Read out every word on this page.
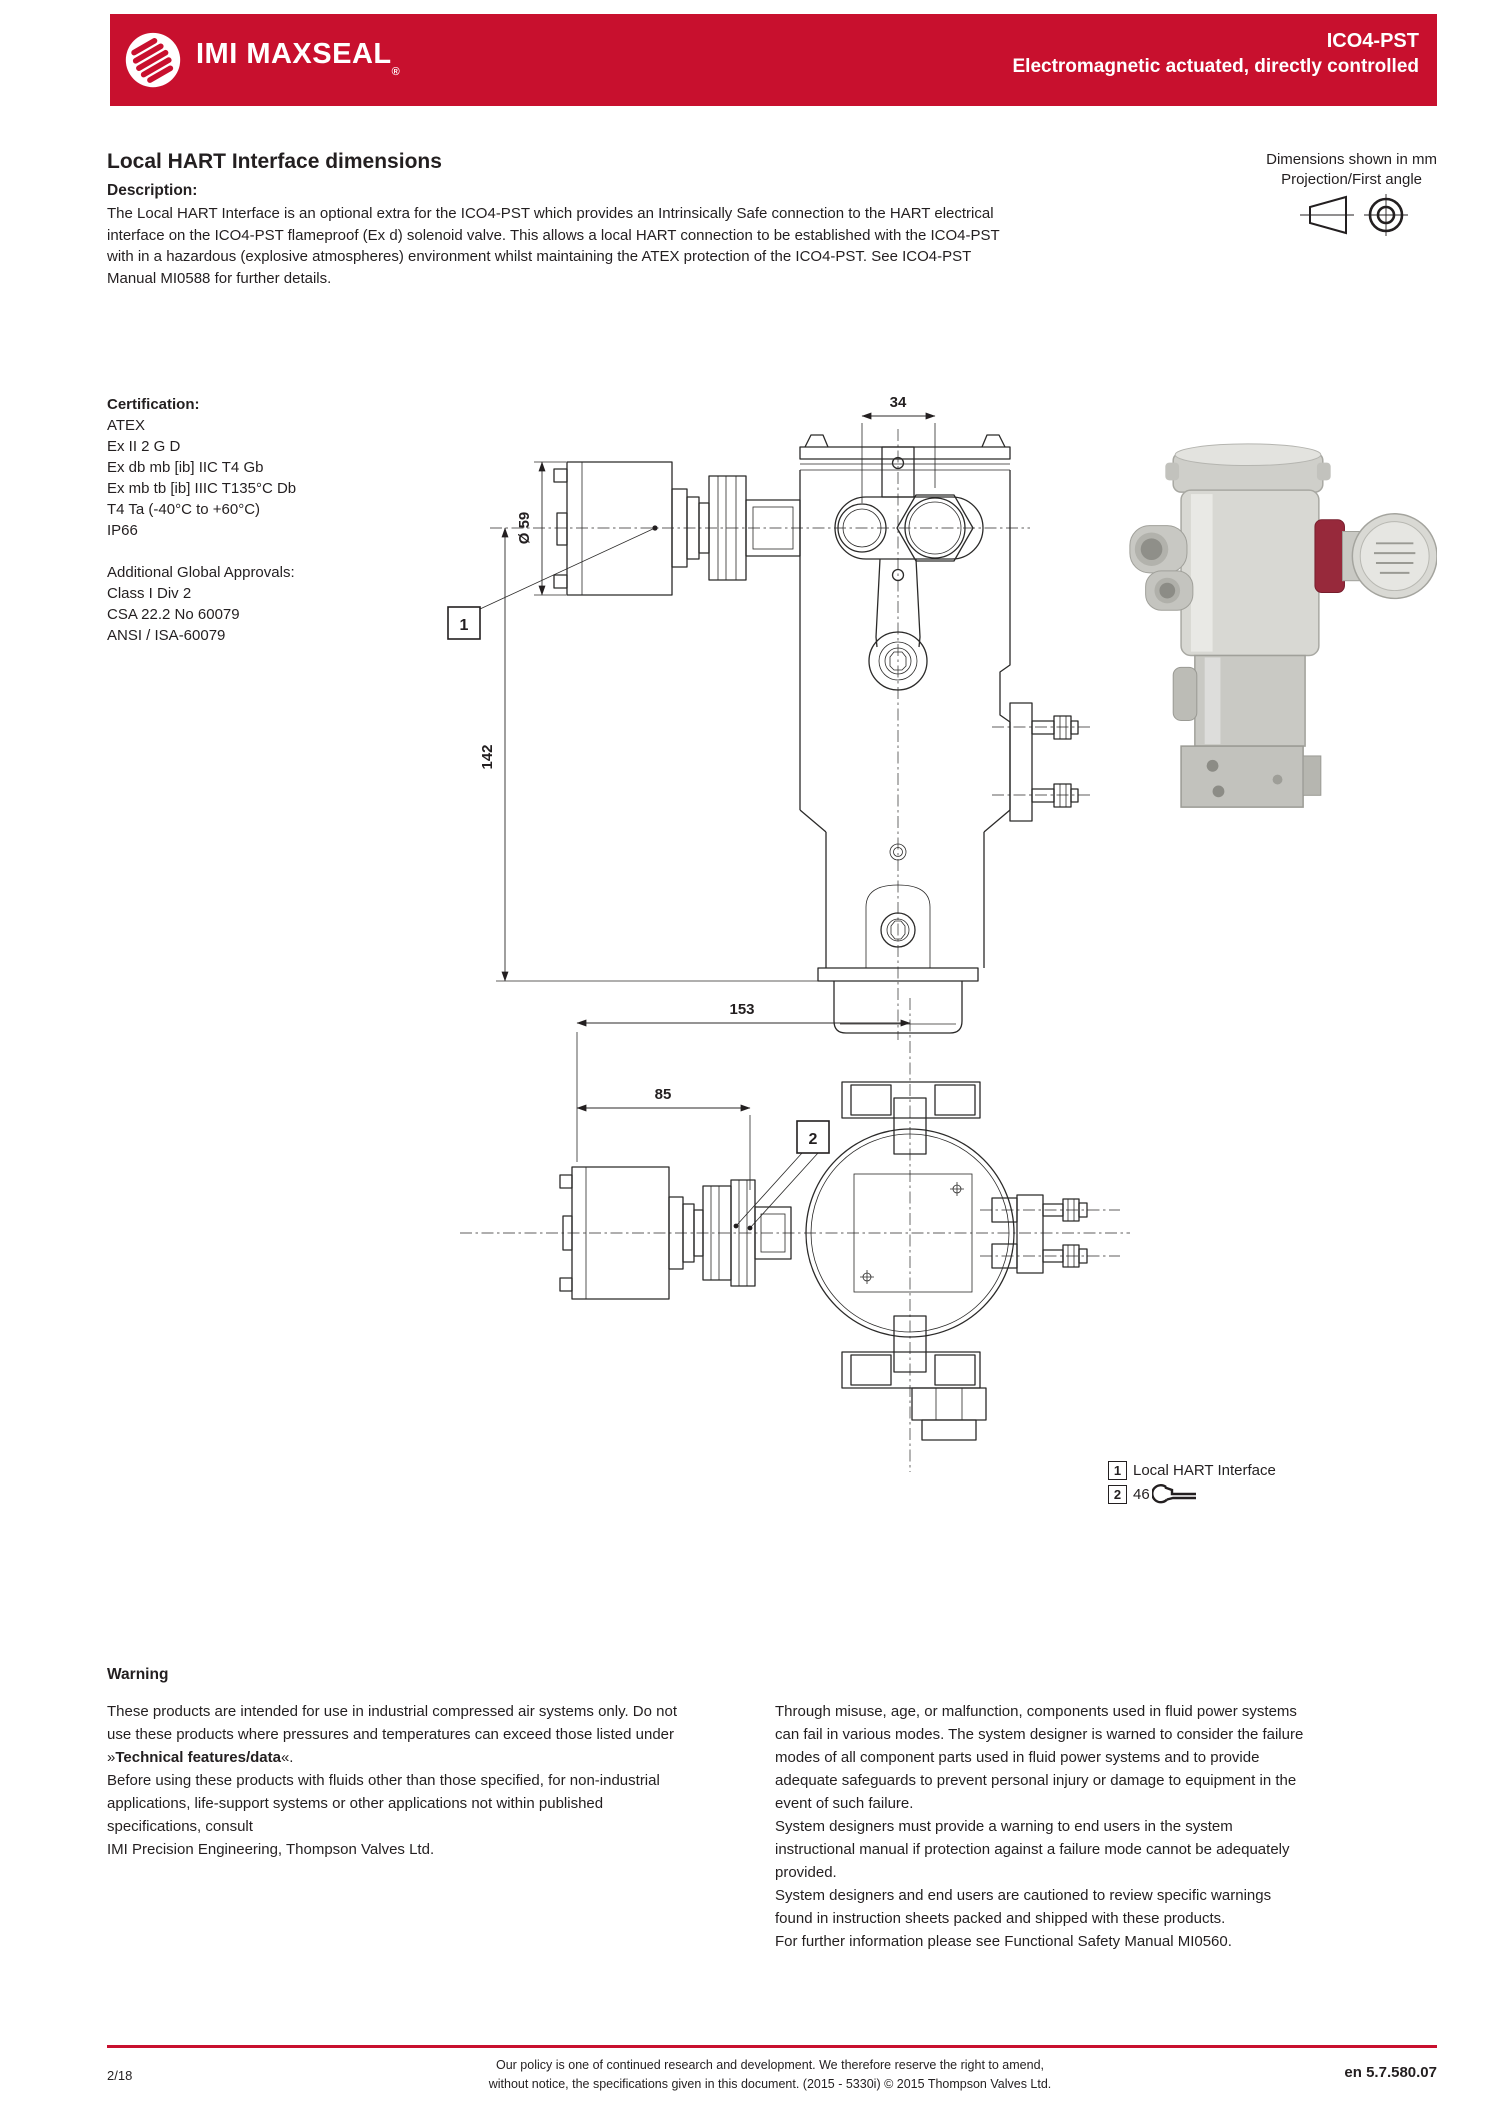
IMI MAXSEAL®
ICO4-PST
Electromagnetic actuated, directly controlled
Local HART Interface dimensions
Description:
The Local HART Interface is an optional extra for the ICO4-PST which provides an Intrinsically Safe connection to the HART electrical interface on the ICO4-PST flameproof (Ex d) solenoid valve. This allows a local HART connection to be established with the ICO4-PST with in a hazardous (explosive atmospheres) environment whilst maintaining the ATEX protection of the ICO4-PST. See ICO4-PST Manual MI0588 for further details.
Dimensions shown in mm
Projection/First angle
Certification:
ATEX
Ex II 2 G D
Ex db mb [ib] IIC T4 Gb
Ex mb tb [ib] IIIC T135°C Db
T4 Ta (-40°C to +60°C)
IP66
Additional Global Approvals:
Class I Div 2
CSA 22.2 No 60079
ANSI / ISA-60079
34
Ø 59
142
1
153
85
2
1 Local HART Interface
2 46
Warning

These products are intended for use in industrial compressed air systems only. Do not use these products where pressures and temperatures can exceed those listed under »Technical features/data«.

Before using these products with fluids other than those specified, for non-industrial applications, life-support systems or other applications not within published specifications, consult

IMI Precision Engineering, Thompson Valves Ltd.

Through misuse, age, or malfunction, components used in fluid power systems can fail in various modes. The system designer is warned to consider the failure modes of all component parts used in fluid power systems and to provide adequate safeguards to prevent personal injury or damage to equipment in the event of such failure.

System designers must provide a warning to end users in the system instructional manual if protection against a failure mode cannot be adequately provided.

System designers and end users are cautioned to review specific warnings found in instruction sheets packed and shipped with these products.

For further information please see Functional Safety Manual MI0560.

2/18
Our policy is one of continued research and development. We therefore reserve the right to amend,
without notice, the specifications given in this document. (2015 - 5330i) © 2015 Thompson Valves Ltd.
en 5.7.580.07
